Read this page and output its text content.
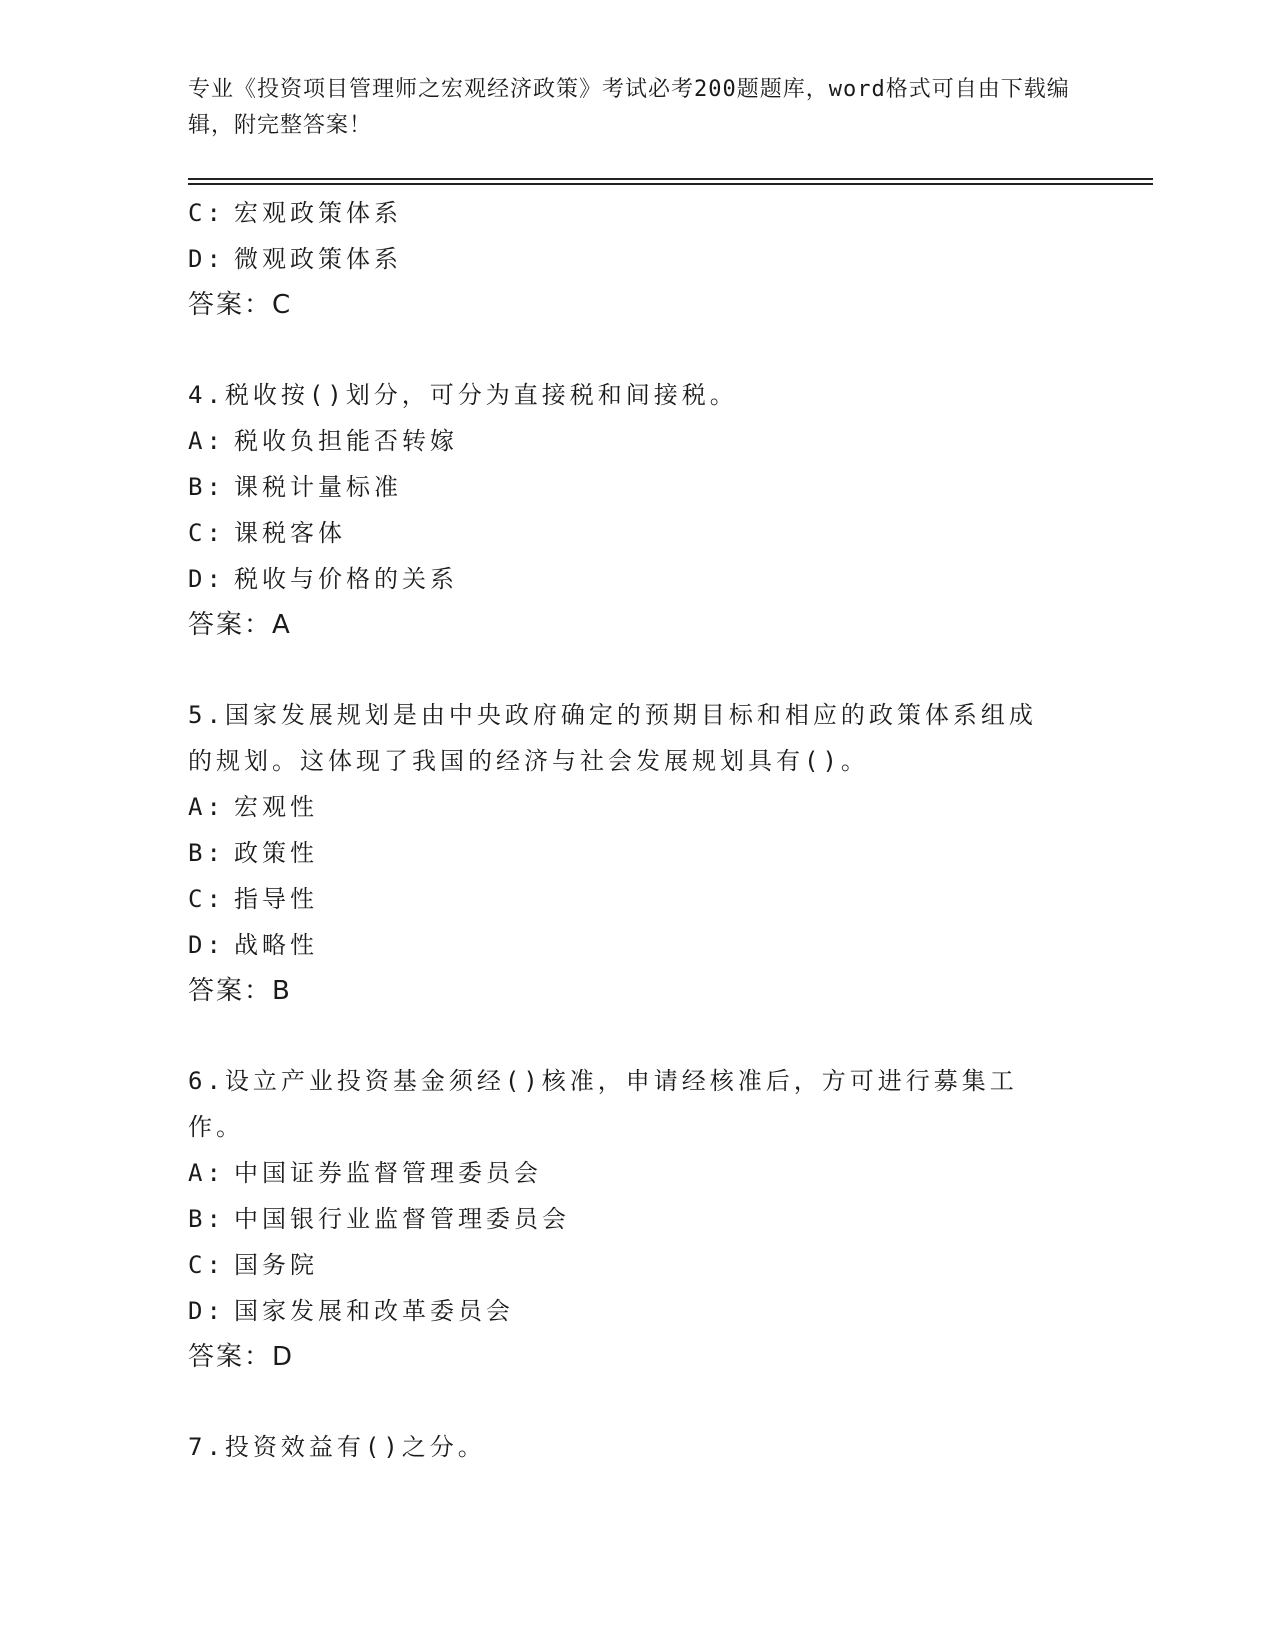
专业《投资项目管理师之宏观经济政策》考试必考200题题库，word格式可自由下载编辑，附完整答案！
C: 宏观政策体系
D: 微观政策体系
答案：C
4.税收按()划分，可分为直接税和间接税。
A: 税收负担能否转嫁
B: 课税计量标准
C: 课税客体
D: 税收与价格的关系
答案：A
5.国家发展规划是由中央政府确定的预期目标和相应的政策体系组成的规划。这体现了我国的经济与社会发展规划具有()。
A: 宏观性
B: 政策性
C: 指导性
D: 战略性
答案：B
6.设立产业投资基金须经()核准，申请经核准后，方可进行募集工作。
A: 中国证券监督管理委员会
B: 中国银行业监督管理委员会
C: 国务院
D: 国家发展和改革委员会
答案：D
7.投资效益有()之分。
